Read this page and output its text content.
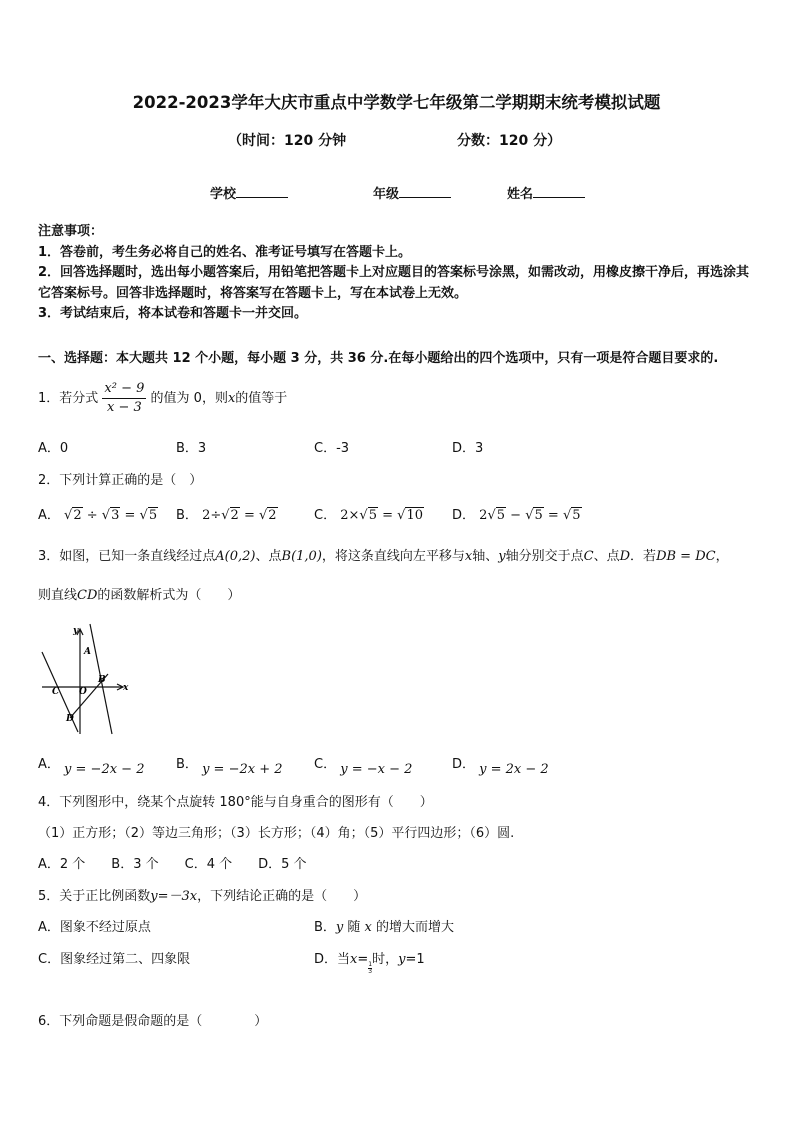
2022-2023学年大庆市重点中学数学七年级第二学期期末统考模拟试题
（时间：120 分钟	分数：120 分）
学校	年级	姓名
注意事项：
1．答卷前，考生务必将自己的姓名、准考证号填写在答题卡上。
2．回答选择题时，选出每小题答案后，用铅笔把答题卡上对应题目的答案标号涂黑，如需改动，用橡皮擦干净后，再选涂其它答案标号。回答非选择题时，将答案写在答题卡上，写在本试卷上无效。
3．考试结束后，将本试卷和答题卡一并交回。
一、选择题：本大题共 12 个小题，每小题 3 分，共 36 分.在每小题给出的四个选项中，只有一项是符合题目要求的.
1．若分式 $\frac{\text{x² − 9}}{x - 3}$ 的值为 0，则x的值等于
A．0	B．3	C．-3	D．3
2．下列计算正确的是（　）
A． √2 ÷ √3 = √5 B． 2÷√2 = √2	C． 2×√5 = √10 D． 2√5 − √5 = √5
3．如图，已知一条直线经过点A(0,2)、点B(1,0)，将这条直线向左平移与x轴、y轴分别交于点C、点D．若DB = DC，
则直线CD的函数解析式为（　　）
y
A
B
C O
D
x
A． y = −2x − 2 B． y = −2x + 2 C． y = −x − 2	D． y = 2x − 2
4．下列图形中，绕某个点旋转 180°能与自身重合的图形有（　　）
（1）正方形；（2）等边三角形；（3）长方形；（4）角；（5）平行四边形；（6）圆.
A．2 个　　B．3 个　　C．4 个　　D．5 个
5．关于正比例函数y=－3x，下列结论正确的是（　　）
A．图象不经过原点	B．y 随 x 的增大而增大
C．图象经过第二、四象限	D．当x=
$\frac{1}{3}$
时，y=1
6．下列命题是假命题的是（　　　　）
